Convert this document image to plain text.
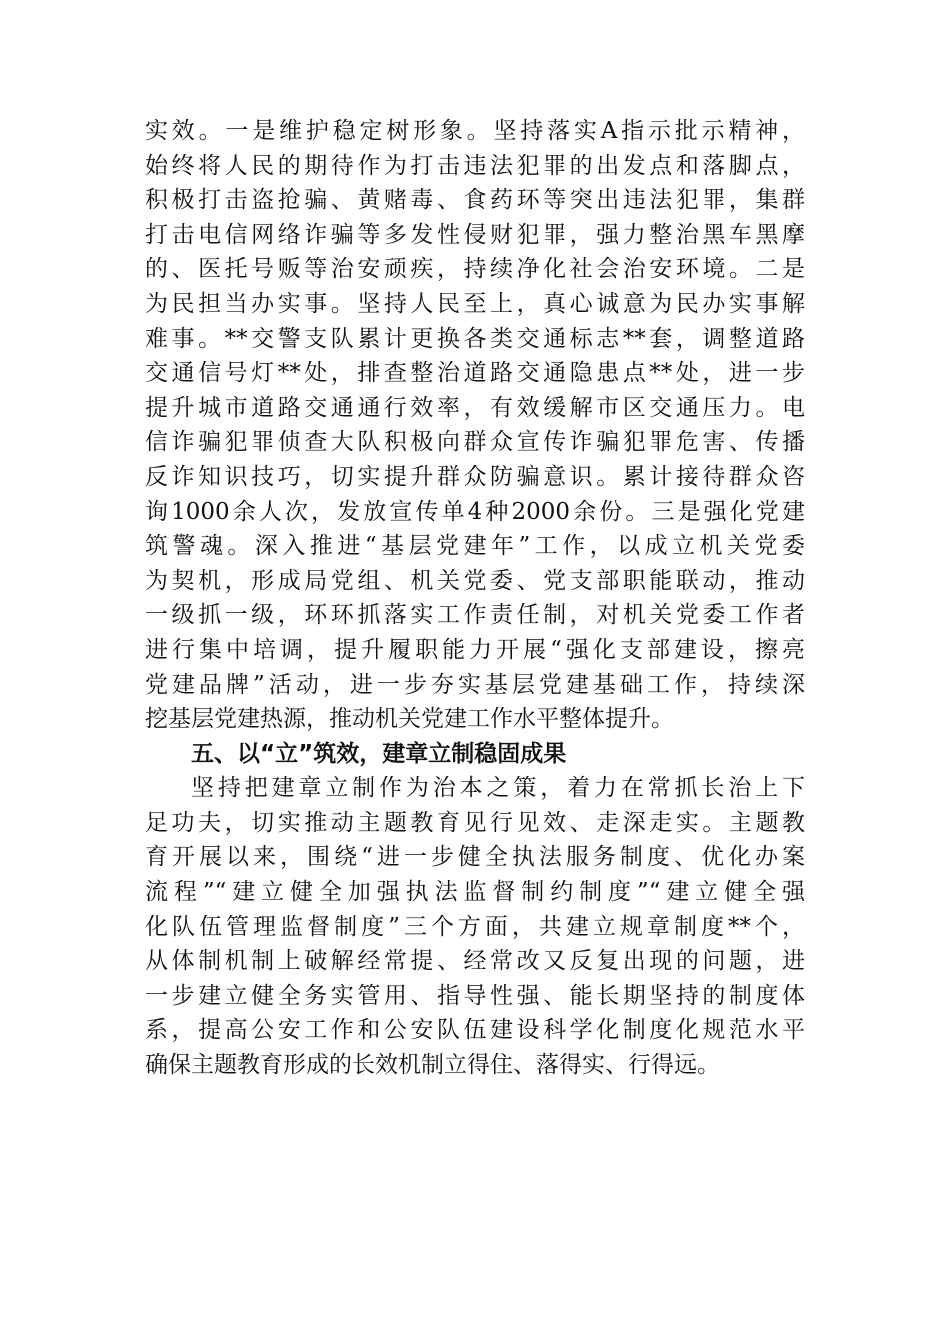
实效。一是维护稳定树形象。坚持落实A指示批示精神，
始终将人民的期待作为打击违法犯罪的出发点和落脚点，
积极打击盗抢骗、黄赌毒、食药环等突出违法犯罪，集群
打击电信网络诈骗等多发性侵财犯罪，强力整治黑车黑摩
的、医托号贩等治安顽疾，持续净化社会治安环境。二是
为民担当办实事。坚持人民至上，真心诚意为民办实事解
难事。**交警支队累计更换各类交通标志**套，调整道路
交通信号灯**处，排查整治道路交通隐患点**处，进一步
提升城市道路交通通行效率，有效缓解市区交通压力。电
信诈骗犯罪侦查大队积极向群众宣传诈骗犯罪危害、传播
反诈知识技巧，切实提升群众防骗意识。累计接待群众咨
询1000余人次，发放宣传单4种2000余份。三是强化党建
筑警魂。深入推进“基层党建年”工作，以成立机关党委
为契机，形成局党组、机关党委、党支部职能联动，推动
一级抓一级，环环抓落实工作责任制，对机关党委工作者
进行集中培调，提升履职能力开展“强化支部建设，擦亮
党建品牌”活动，进一步夯实基层党建基础工作，持续深
挖基层党建热源，推动机关党建工作水平整体提升。
五、以“立”筑效，建章立制稳固成果
坚持把建章立制作为治本之策，着力在常抓长治上下
足功夫，切实推动主题教育见行见效、走深走实。主题教
育开展以来，围绕“进一步健全执法服务制度、优化办案
流程”“建立健全加强执法监督制约制度”“建立健全强
化队伍管理监督制度”三个方面，共建立规章制度**个，
从体制机制上破解经常提、经常改又反复出现的问题，进
一步建立健全务实管用、指导性强、能长期坚持的制度体
系，提高公安工作和公安队伍建设科学化制度化规范水平
确保主题教育形成的长效机制立得住、落得实、行得远。
